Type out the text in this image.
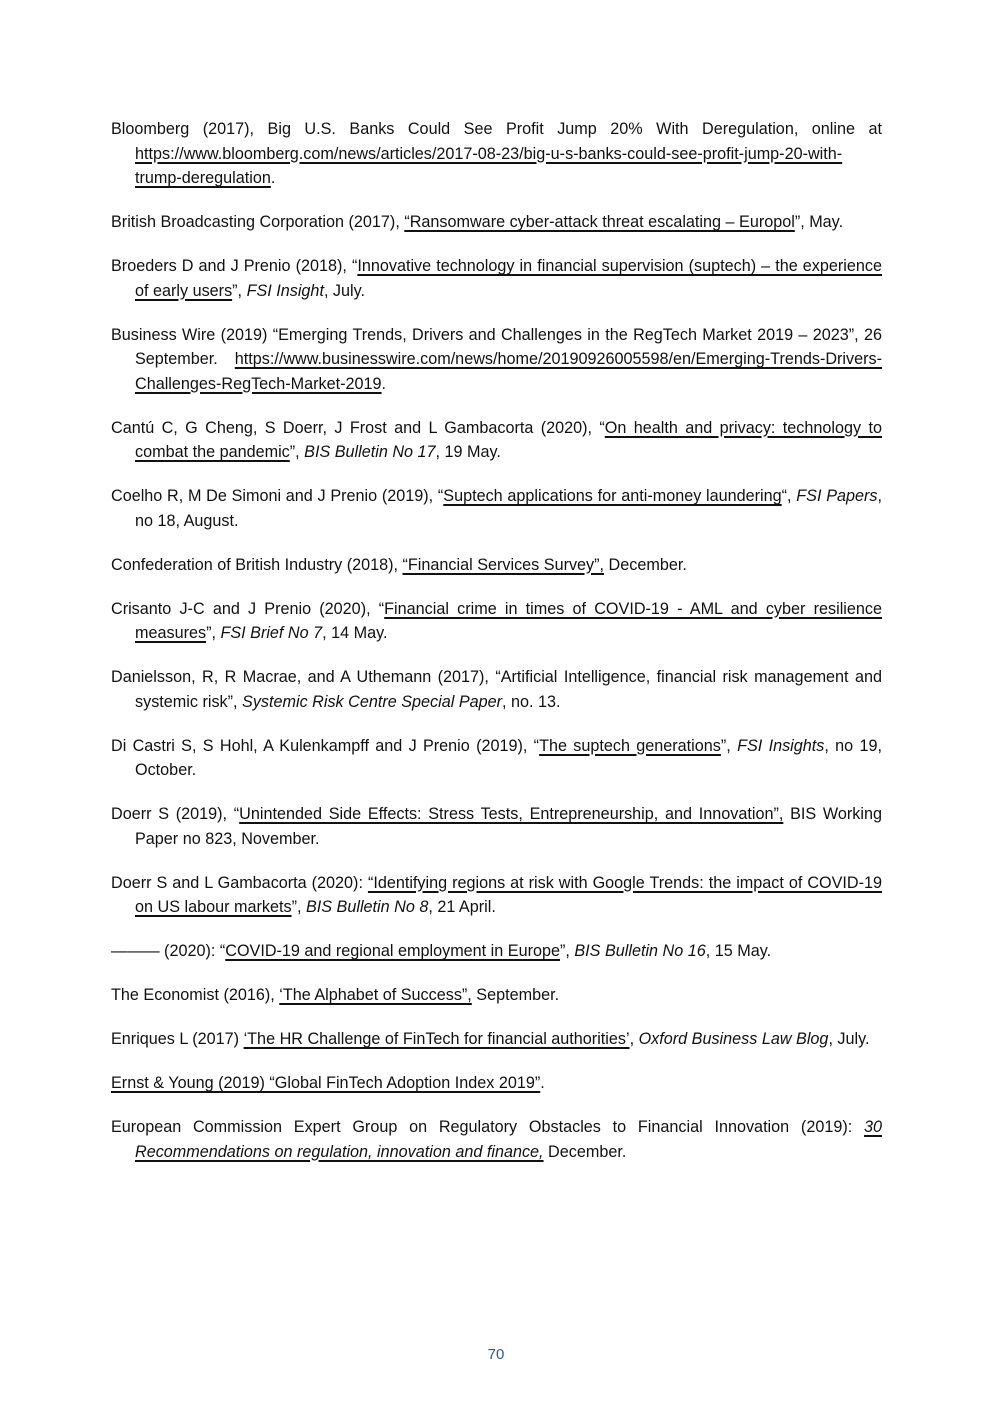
Bloomberg (2017), Big U.S. Banks Could See Profit Jump 20% With Deregulation, online at https://www.bloomberg.com/news/articles/2017-08-23/big-u-s-banks-could-see-profit-jump-20-with-trump-deregulation.
British Broadcasting Corporation (2017), “Ransomware cyber-attack threat escalating – Europol”, May.
Broeders D and J Prenio (2018), “Innovative technology in financial supervision (suptech) – the experience of early users”, FSI Insight, July.
Business Wire (2019) “Emerging Trends, Drivers and Challenges in the RegTech Market 2019 – 2023”, 26 September. https://www.businesswire.com/news/home/20190926005598/en/Emerging-Trends-Drivers-Challenges-RegTech-Market-2019.
Cantú C, G Cheng, S Doerr, J Frost and L Gambacorta (2020), “On health and privacy: technology to combat the pandemic”, BIS Bulletin No 17, 19 May.
Coelho R, M De Simoni and J Prenio (2019), “Suptech applications for anti-money laundering“, FSI Papers, no 18, August.
Confederation of British Industry (2018), “Financial Services Survey”, December.
Crisanto J-C and J Prenio (2020), “Financial crime in times of COVID-19 - AML and cyber resilience measures”, FSI Brief No 7, 14 May.
Danielsson, R, R Macrae, and A Uthemann (2017), “Artificial Intelligence, financial risk management and systemic risk”, Systemic Risk Centre Special Paper, no. 13.
Di Castri S, S Hohl, A Kulenkampff and J Prenio (2019), “The suptech generations”, FSI Insights, no 19, October.
Doerr S (2019), “Unintended Side Effects: Stress Tests, Entrepreneurship, and Innovation”, BIS Working Paper no 823, November.
Doerr S and L Gambacorta (2020): “Identifying regions at risk with Google Trends: the impact of COVID-19 on US labour markets”, BIS Bulletin No 8, 21 April.
——— (2020): “COVID-19 and regional employment in Europe”, BIS Bulletin No 16, 15 May.
The Economist (2016), ‘The Alphabet of Success”, September.
Enriques L (2017) ‘The HR Challenge of FinTech for financial authorities’, Oxford Business Law Blog, July.
Ernst & Young (2019) “Global FinTech Adoption Index 2019”.
European Commission Expert Group on Regulatory Obstacles to Financial Innovation (2019): 30 Recommendations on regulation, innovation and finance, December.
70
